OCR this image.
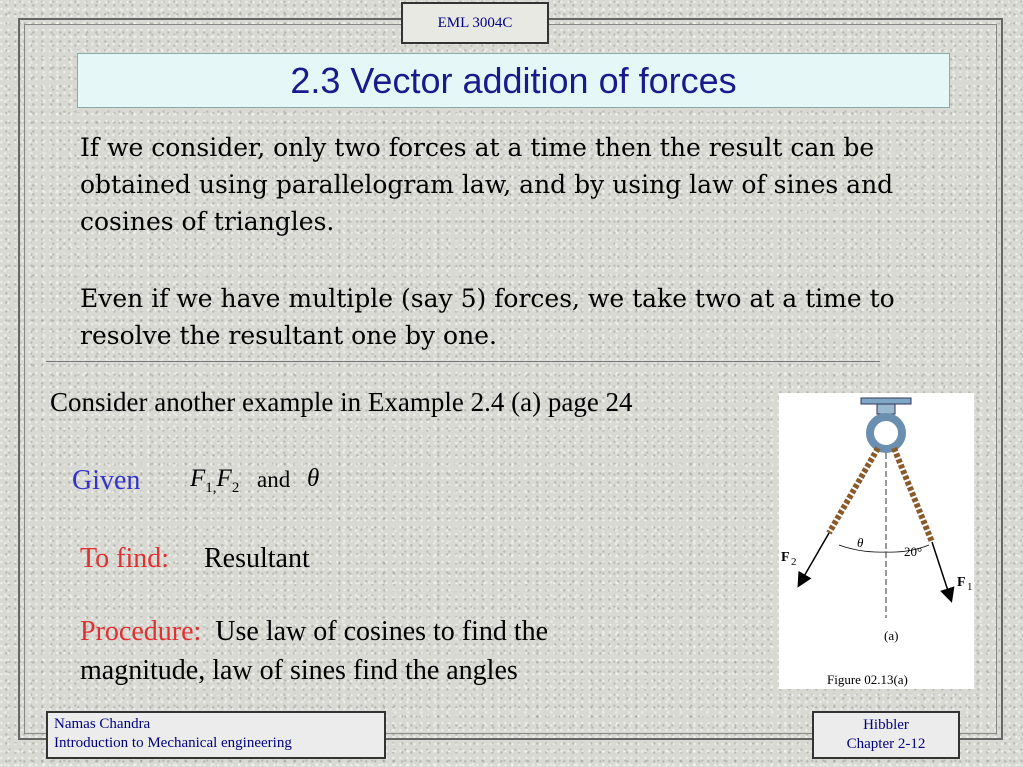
EML 3004C
2.3 Vector addition of forces
If we consider, only two forces at a time then the result can be obtained using parallelogram law, and by using law of sines and cosines of triangles.
Even if we have multiple (say 5) forces, we take two at a time to resolve the resultant one by one.
Consider another example in Example 2.4 (a) page 24
Given $F_{1,}F_2$ and θ
To find: Resultant
Procedure: Use law of cosines to find the magnitude, law of sines find the angles
θ
20°
F 2
F 1
(a)
Figure 02.13(a)
Namas Chandra
Introduction to Mechanical engineering
Hibbler
Chapter 2-12
